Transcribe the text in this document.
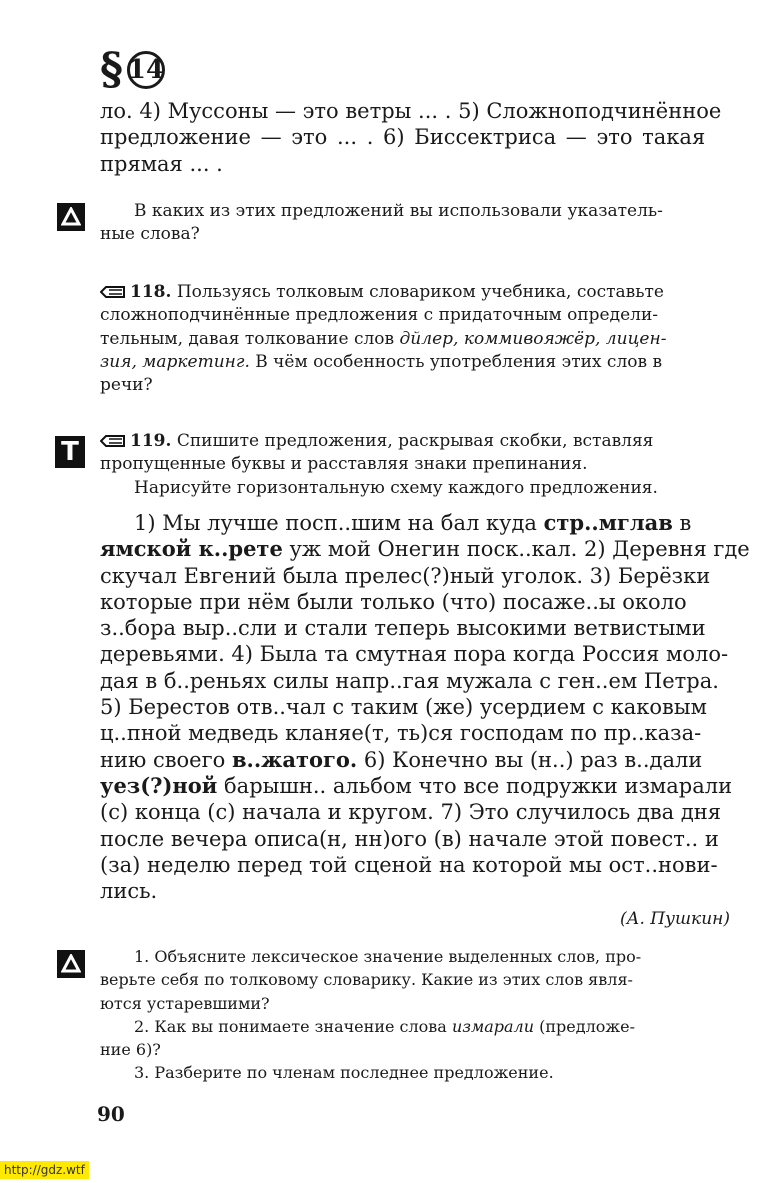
§ 14
ло. 4) Муссоны — это ветры ... . 5) Сложноподчинённое
предложение — это ... . 6) Биссектриса — это такая
прямая ... .
В каких из этих предложений вы использовали указатель-
ные слова?
118. Пользуясь толковым словариком учебника, составьте
сложноподчинённые предложения с придаточным определи-
тельным, давая толкование слов дйлер, коммивояжёр, лицен-
зия, маркетинг. В чём особенность употребления этих слов в
речи?
T	119. Спишите предложения, раскрывая скобки, вставляя
пропущенные буквы и расставляя знаки препинания.
Нарисуйте горизонтальную схему каждого предложения.
1) Мы лучше посп..шим на бал куда стр..мглав в
ямской к..рете уж мой Онегин поск..кал. 2) Деревня где
скучал Евгений была прелес(?)ный уголок. 3) Берёзки
которые при нём были только (что) посаже..ы около
з..бора выр..сли и стали теперь высокими ветвистыми
деревьями. 4) Была та смутная пора когда Россия моло-
дая в б..реньях силы напр..гая мужала с ген..ем Петра.
5) Берестов отв..чал с таким (же) усердием с каковым
ц..пной медведь кланяе(т, ть)ся господам по пр..каза-
нию своего в..жатого. 6) Конечно вы (н..) раз в..дали
уез(?)ной барышн.. альбом что все подружки измарали
(с) конца (с) начала и кругом. 7) Это случилось два дня
после вечера описа(н, нн)ого (в) начале этой повест.. и
(за) неделю перед той сценой на которой мы ост..нови-
лись.
(А. Пушкин)
1. Объясните лексическое значение выделенных слов, про-
верьте себя по толковому словарику. Какие из этих слов явля-
ются устаревшими?
2. Как вы понимаете значение слова измарали (предложе-
ние 6)?
3. Разберите по членам последнее предложение.
90
http://gdz.wtf
